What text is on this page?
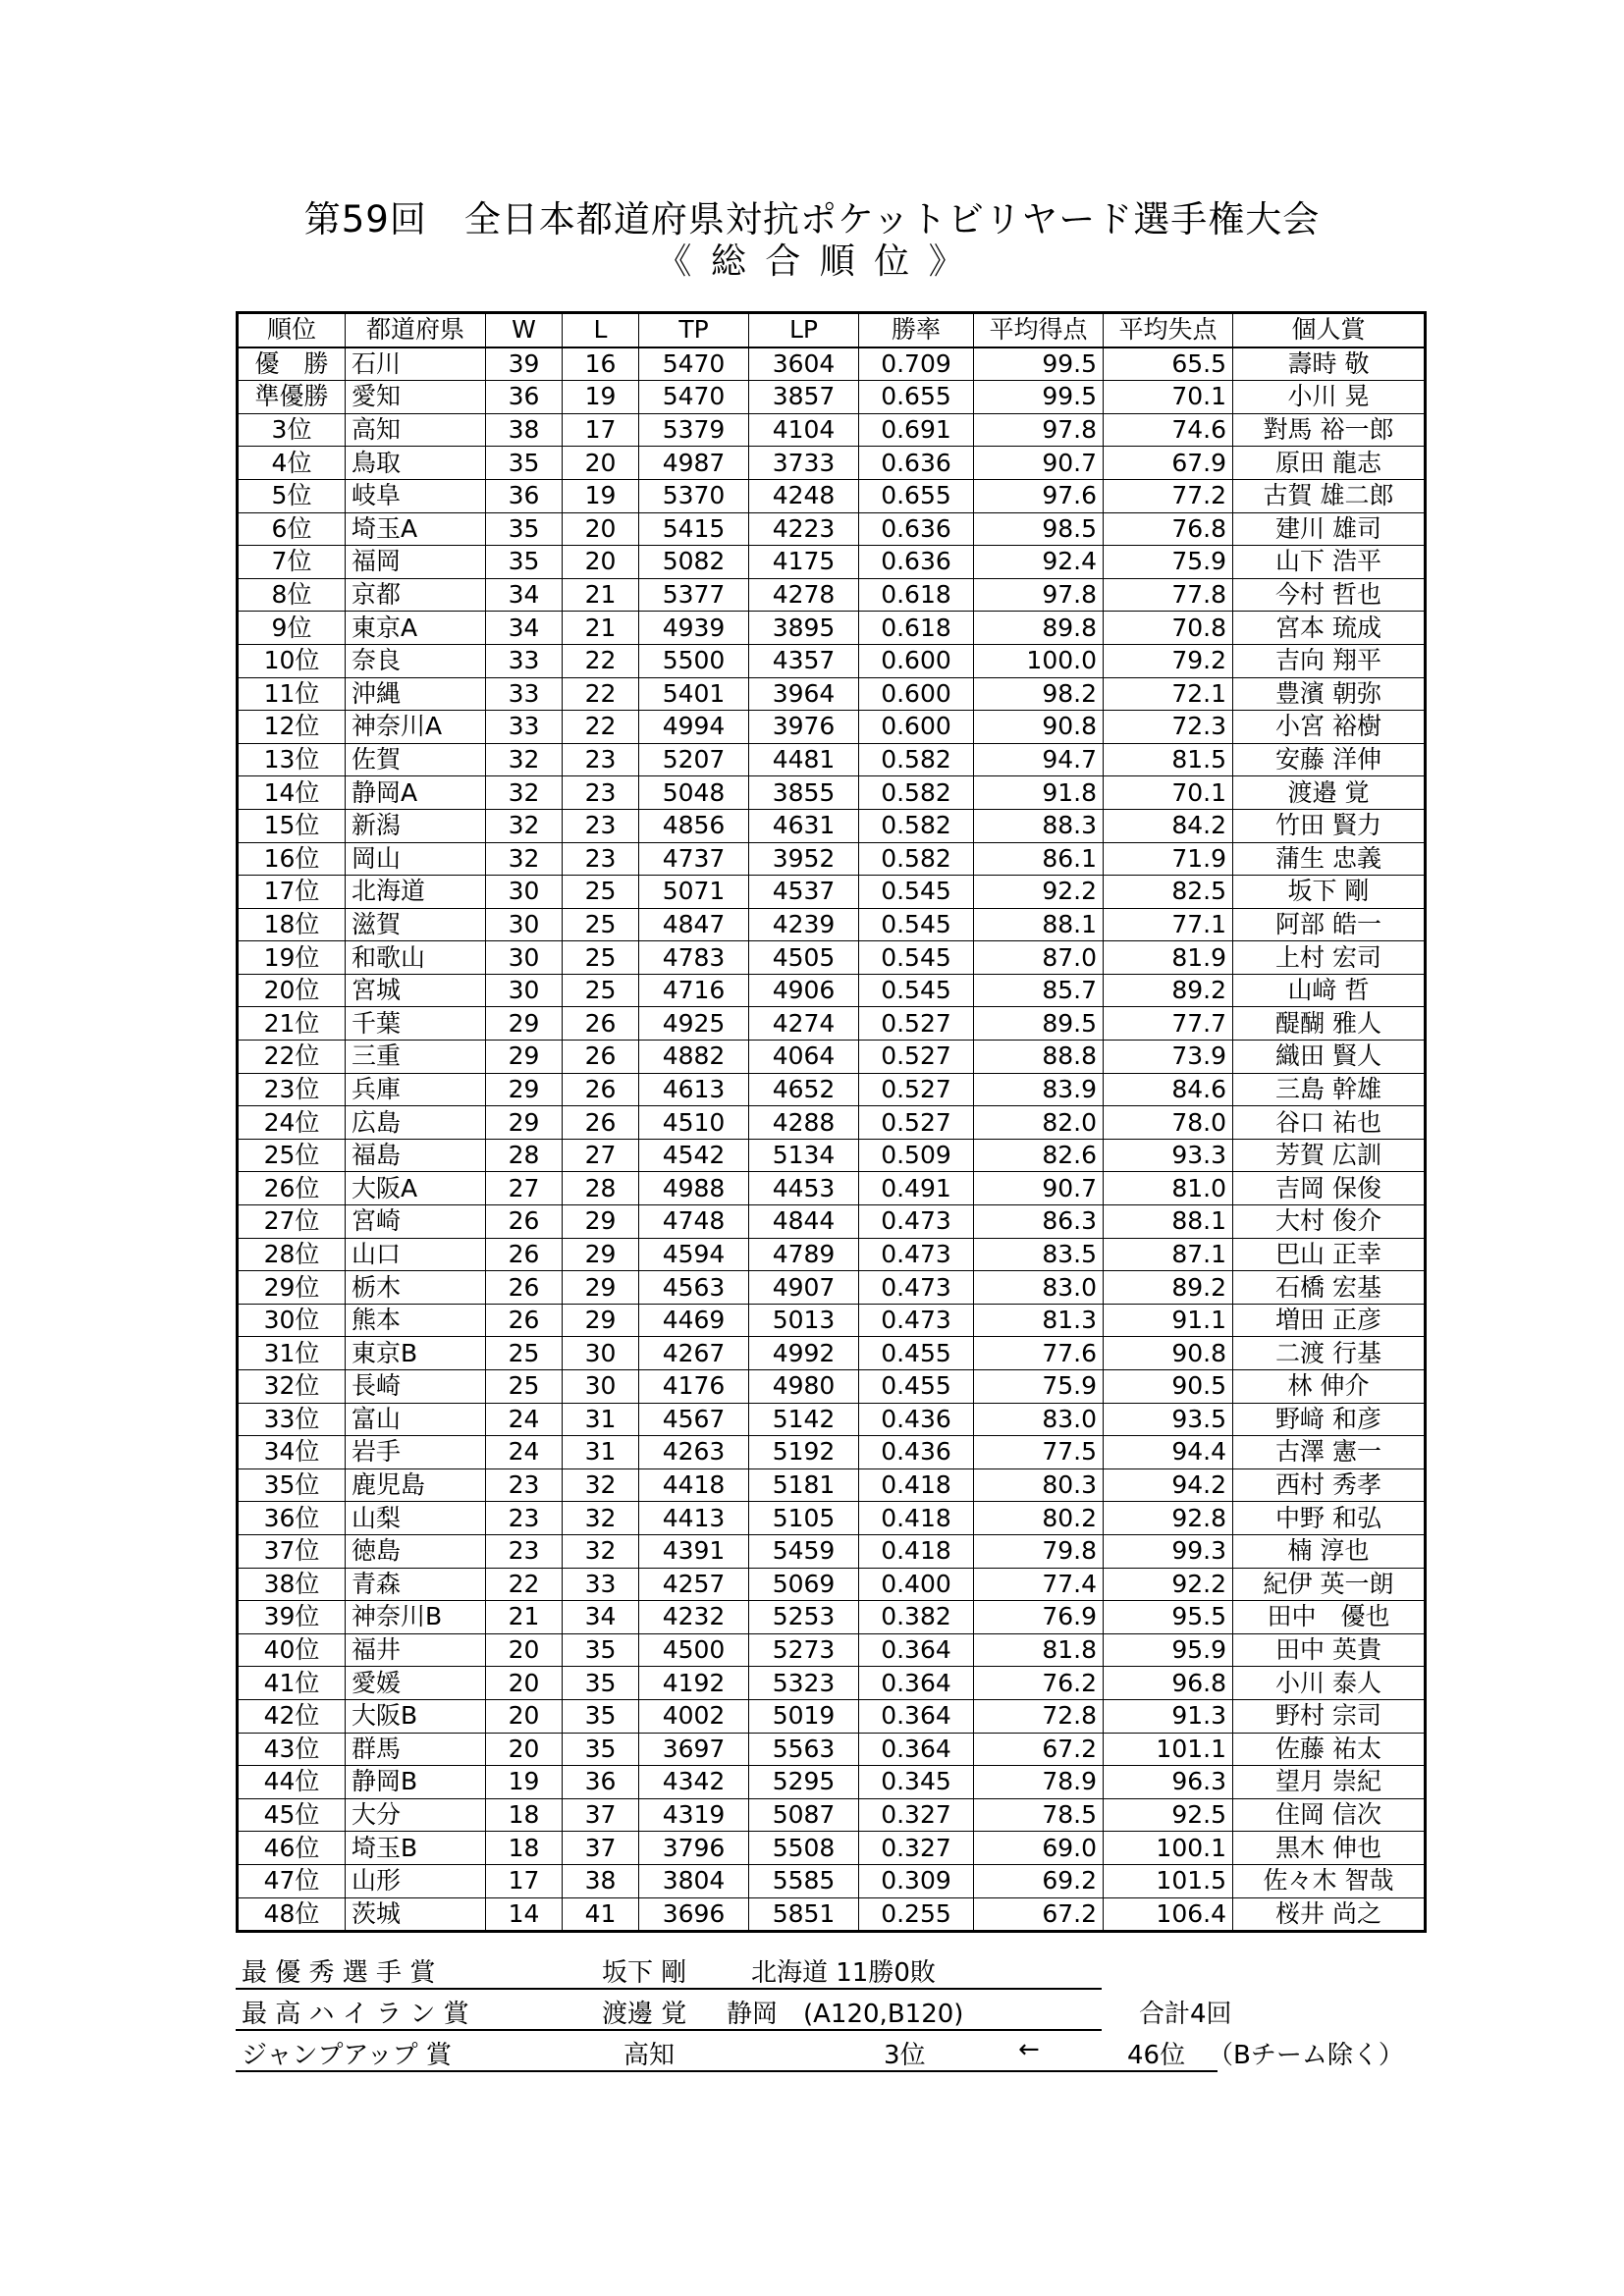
第59回　全日本都道府県対抗ポケットビリヤード選手権大会
《 総 合 順 位 》
順位	都道府県	W	L	TP	LP	勝率	平均得点	平均失点	個人賞
優　勝	石川	39	16	5470	3604	0.709	99.5	65.5	壽時 敬
準優勝	愛知	36	19	5470	3857	0.655	99.5	70.1	小川 晃
3位	高知	38	17	5379	4104	0.691	97.8	74.6	對馬 裕一郎
4位	鳥取	35	20	4987	3733	0.636	90.7	67.9	原田 龍志
5位	岐阜	36	19	5370	4248	0.655	97.6	77.2	古賀 雄二郎
6位	埼玉A	35	20	5415	4223	0.636	98.5	76.8	建川 雄司
7位	福岡	35	20	5082	4175	0.636	92.4	75.9	山下 浩平
8位	京都	34	21	5377	4278	0.618	97.8	77.8	今村 哲也
9位	東京A	34	21	4939	3895	0.618	89.8	70.8	宮本 琉成
10位	奈良	33	22	5500	4357	0.600	100.0	79.2	吉向 翔平
11位	沖縄	33	22	5401	3964	0.600	98.2	72.1	豊濱 朝弥
12位	神奈川A	33	22	4994	3976	0.600	90.8	72.3	小宮 裕樹
13位	佐賀	32	23	5207	4481	0.582	94.7	81.5	安藤 洋伸
14位	静岡A	32	23	5048	3855	0.582	91.8	70.1	渡邉 覚
15位	新潟	32	23	4856	4631	0.582	88.3	84.2	竹田 賢力
16位	岡山	32	23	4737	3952	0.582	86.1	71.9	蒲生 忠義
17位	北海道	30	25	5071	4537	0.545	92.2	82.5	坂下 剛
18位	滋賀	30	25	4847	4239	0.545	88.1	77.1	阿部 皓一
19位	和歌山	30	25	4783	4505	0.545	87.0	81.9	上村 宏司
20位	宮城	30	25	4716	4906	0.545	85.7	89.2	山﨑 哲
21位	千葉	29	26	4925	4274	0.527	89.5	77.7	醍醐 雅人
22位	三重	29	26	4882	4064	0.527	88.8	73.9	織田 賢人
23位	兵庫	29	26	4613	4652	0.527	83.9	84.6	三島 幹雄
24位	広島	29	26	4510	4288	0.527	82.0	78.0	谷口 祐也
25位	福島	28	27	4542	5134	0.509	82.6	93.3	芳賀 広訓
26位	大阪A	27	28	4988	4453	0.491	90.7	81.0	吉岡 保俊
27位	宮崎	26	29	4748	4844	0.473	86.3	88.1	大村 俊介
28位	山口	26	29	4594	4789	0.473	83.5	87.1	巴山 正幸
29位	栃木	26	29	4563	4907	0.473	83.0	89.2	石橋 宏基
30位	熊本	26	29	4469	5013	0.473	81.3	91.1	増田 正彦
31位	東京B	25	30	4267	4992	0.455	77.6	90.8	二渡 行基
32位	長崎	25	30	4176	4980	0.455	75.9	90.5	林 伸介
33位	富山	24	31	4567	5142	0.436	83.0	93.5	野﨑 和彦
34位	岩手	24	31	4263	5192	0.436	77.5	94.4	古澤 憲一
35位	鹿児島	23	32	4418	5181	0.418	80.3	94.2	西村 秀孝
36位	山梨	23	32	4413	5105	0.418	80.2	92.8	中野 和弘
37位	徳島	23	32	4391	5459	0.418	79.8	99.3	楠 淳也
38位	青森	22	33	4257	5069	0.400	77.4	92.2	紀伊 英一朗
39位	神奈川B	21	34	4232	5253	0.382	76.9	95.5	田中　優也
40位	福井	20	35	4500	5273	0.364	81.8	95.9	田中 英貴
41位	愛媛	20	35	4192	5323	0.364	76.2	96.8	小川 泰人
42位	大阪B	20	35	4002	5019	0.364	72.8	91.3	野村 宗司
43位	群馬	20	35	3697	5563	0.364	67.2	101.1	佐藤 祐太
44位	静岡B	19	36	4342	5295	0.345	78.9	96.3	望月 崇紀
45位	大分	18	37	4319	5087	0.327	78.5	92.5	住岡 信次
46位	埼玉B	18	37	3796	5508	0.327	69.0	100.1	黒木 伸也
47位	山形	17	38	3804	5585	0.309	69.2	101.5	佐々木 智哉
48位	茨城	14	41	3696	5851	0.255	67.2	106.4	桜井 尚之
最 優 秀 選 手 賞	坂下 剛	北海道 11勝0敗
最 高 ハ イ ラ ン 賞	渡邊 覚 静岡　(A120,B120)	合計4回
ジャンプアップ 賞	高知	3位	←	46位 （Bチーム除く）
